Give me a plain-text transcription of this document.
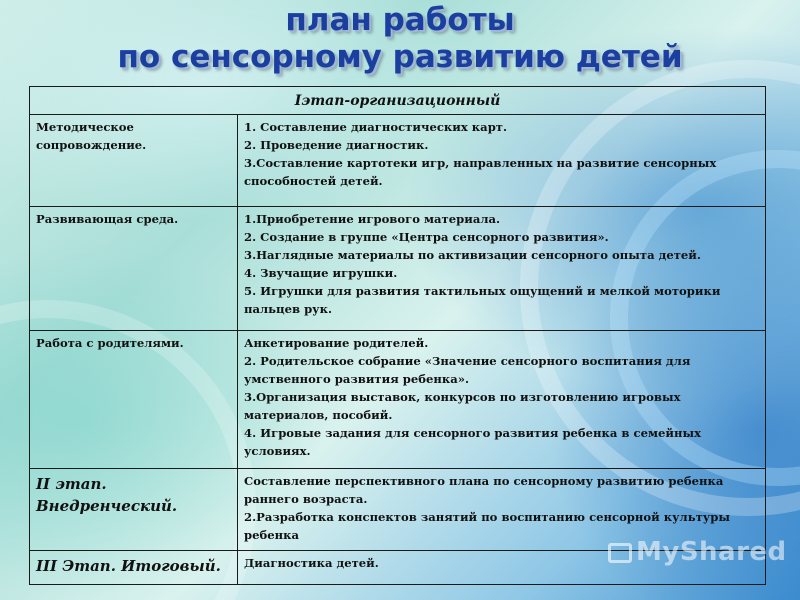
план работы
по сенсорному развитию детей
Iэтап-организационный	
Методическое сопровождение.	1. Составление диагностических карт.
2. Проведение диагностик.
3.Составление картотеки игр, направленных на развитие сенсорных способностей детей.

Развивающая среда.	1.Приобретение игрового материала.
2. Создание в группе «Центра сенсорного развития».
3.Наглядные материалы по активизации сенсорного опыта детей.
4. Звучащие игрушки.
5. Игрушки для развития тактильных ощущений и мелкой моторики пальцев рук.

Работа с родителями.	Анкетирование родителей.
2. Родительское собрание «Значение сенсорного воспитания для умственного развития ребенка».
3.Организация выставок, конкурсов по изготовлению игровых материалов, пособий.
4. Игровые задания для сенсорного развития ребенка в семейных условиях.

II этап. Внедренческий.	Составление перспективного плана по сенсорному развитию ребенка раннего возраста.
2.Разработка конспектов занятий по воспитанию сенсорной культуры ребенка

III Этап. Итоговый.	Диагностика детей.	MyShared
